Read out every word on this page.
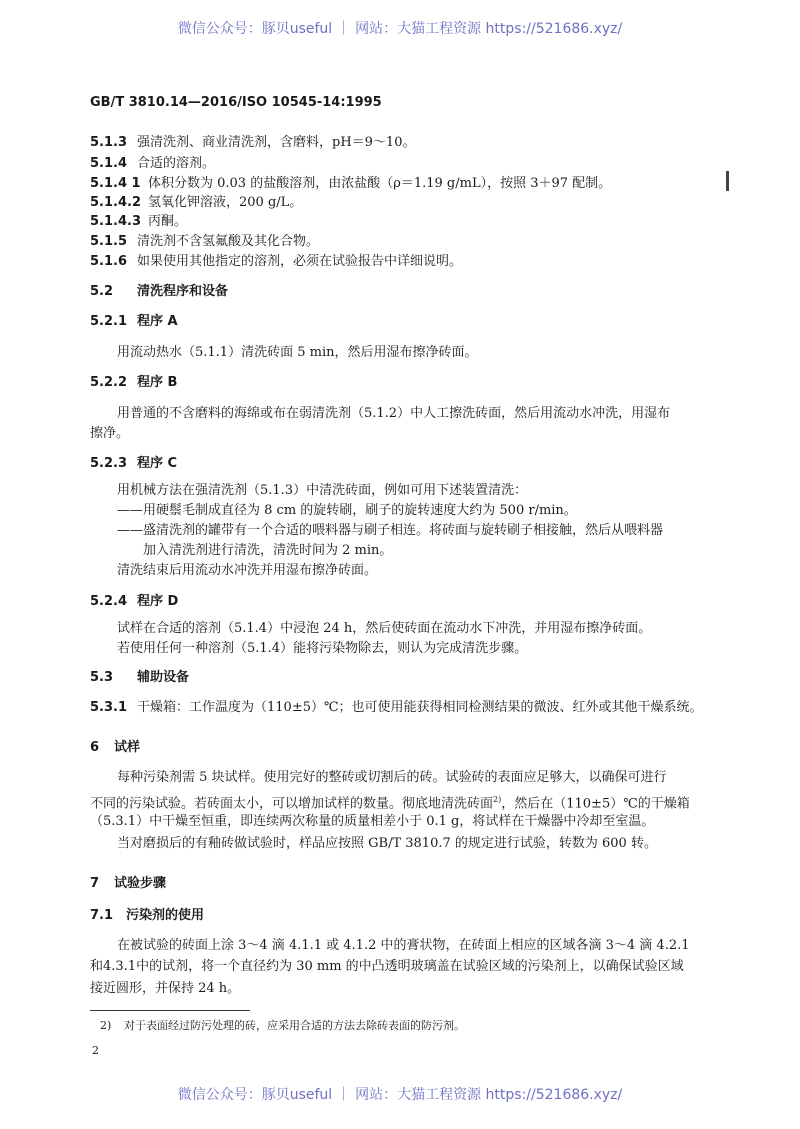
微信公众号：豚贝useful ｜ 网站：大猫工程资源 https://521686.xyz/
GB/T 3810.14—2016/ISO 10545-14:1995
5.1.3 强清洗剂、商业清洗剂，含磨料，pH＝9～10。
5.1.4 合适的溶剂。
5.1.4 1 体积分数为 0.03 的盐酸溶剂，由浓盐酸（ρ＝1.19 g/mL），按照 3＋97 配制。
5.1.4.2 氢氧化钾溶液，200 g/L。
5.1.4.3 丙酮。
5.1.5 清洗剂不含氢氟酸及其化合物。
5.1.6 如果使用其他指定的溶剂，必须在试验报告中详细说明。
5.2 清洗程序和设备
5.2.1 程序 A
用流动热水（5.1.1）清洗砖面 5 min，然后用湿布擦净砖面。
5.2.2 程序 B
用普通的不含磨料的海绵或布在弱清洗剂（5.1.2）中人工擦洗砖面，然后用流动水冲洗，用湿布
擦净。
5.2.3 程序 C
用机械方法在强清洗剂（5.1.3）中清洗砖面，例如可用下述装置清洗：
——用硬鬃毛制成直径为 8 cm 的旋转刷，刷子的旋转速度大约为 500 r/min。
——盛清洗剂的罐带有一个合适的喂料器与刷子相连。将砖面与旋转刷子相接触，然后从喂料器
加入清洗剂进行清洗，清洗时间为 2 min。
清洗结束后用流动水冲洗并用湿布擦净砖面。
5.2.4 程序 D
试样在合适的溶剂（5.1.4）中浸泡 24 h，然后使砖面在流动水下冲洗，并用湿布擦净砖面。
若使用任何一种溶剂（5.1.4）能将污染物除去，则认为完成清洗步骤。
5.3 辅助设备
5.3.1 干燥箱：工作温度为（110±5）℃；也可使用能获得相同检测结果的微波、红外或其他干燥系统。
6 试样
每种污染剂需 5 块试样。使用完好的整砖或切割后的砖。试验砖的表面应足够大，以确保可进行
不同的污染试验。若砖面太小，可以增加试样的数量。彻底地清洗砖面$^{2)}$，然后在（110±5）℃的干燥箱
（5.3.1）中干燥至恒重，即连续两次称量的质量相差小于 0.1 g，将试样在干燥器中冷却至室温。
当对磨损后的有釉砖做试验时，样品应按照 GB/T 3810.7 的规定进行试验，转数为 600 转。
7 试验步骤
7.1 污染剂的使用
在被试验的砖面上涂 3～4 滴 4.1.1 或 4.1.2 中的膏状物，在砖面上相应的区域各滴 3～4 滴 4.2.1
和4.3.1中的试剂，将一个直径约为 30 mm 的中凸透明玻璃盖在试验区域的污染剂上，以确保试验区域
接近圆形，并保持 24 h。
2) 对于表面经过防污处理的砖，应采用合适的方法去除砖表面的防污剂。
2
微信公众号：豚贝useful ｜ 网站：大猫工程资源 https://521686.xyz/
